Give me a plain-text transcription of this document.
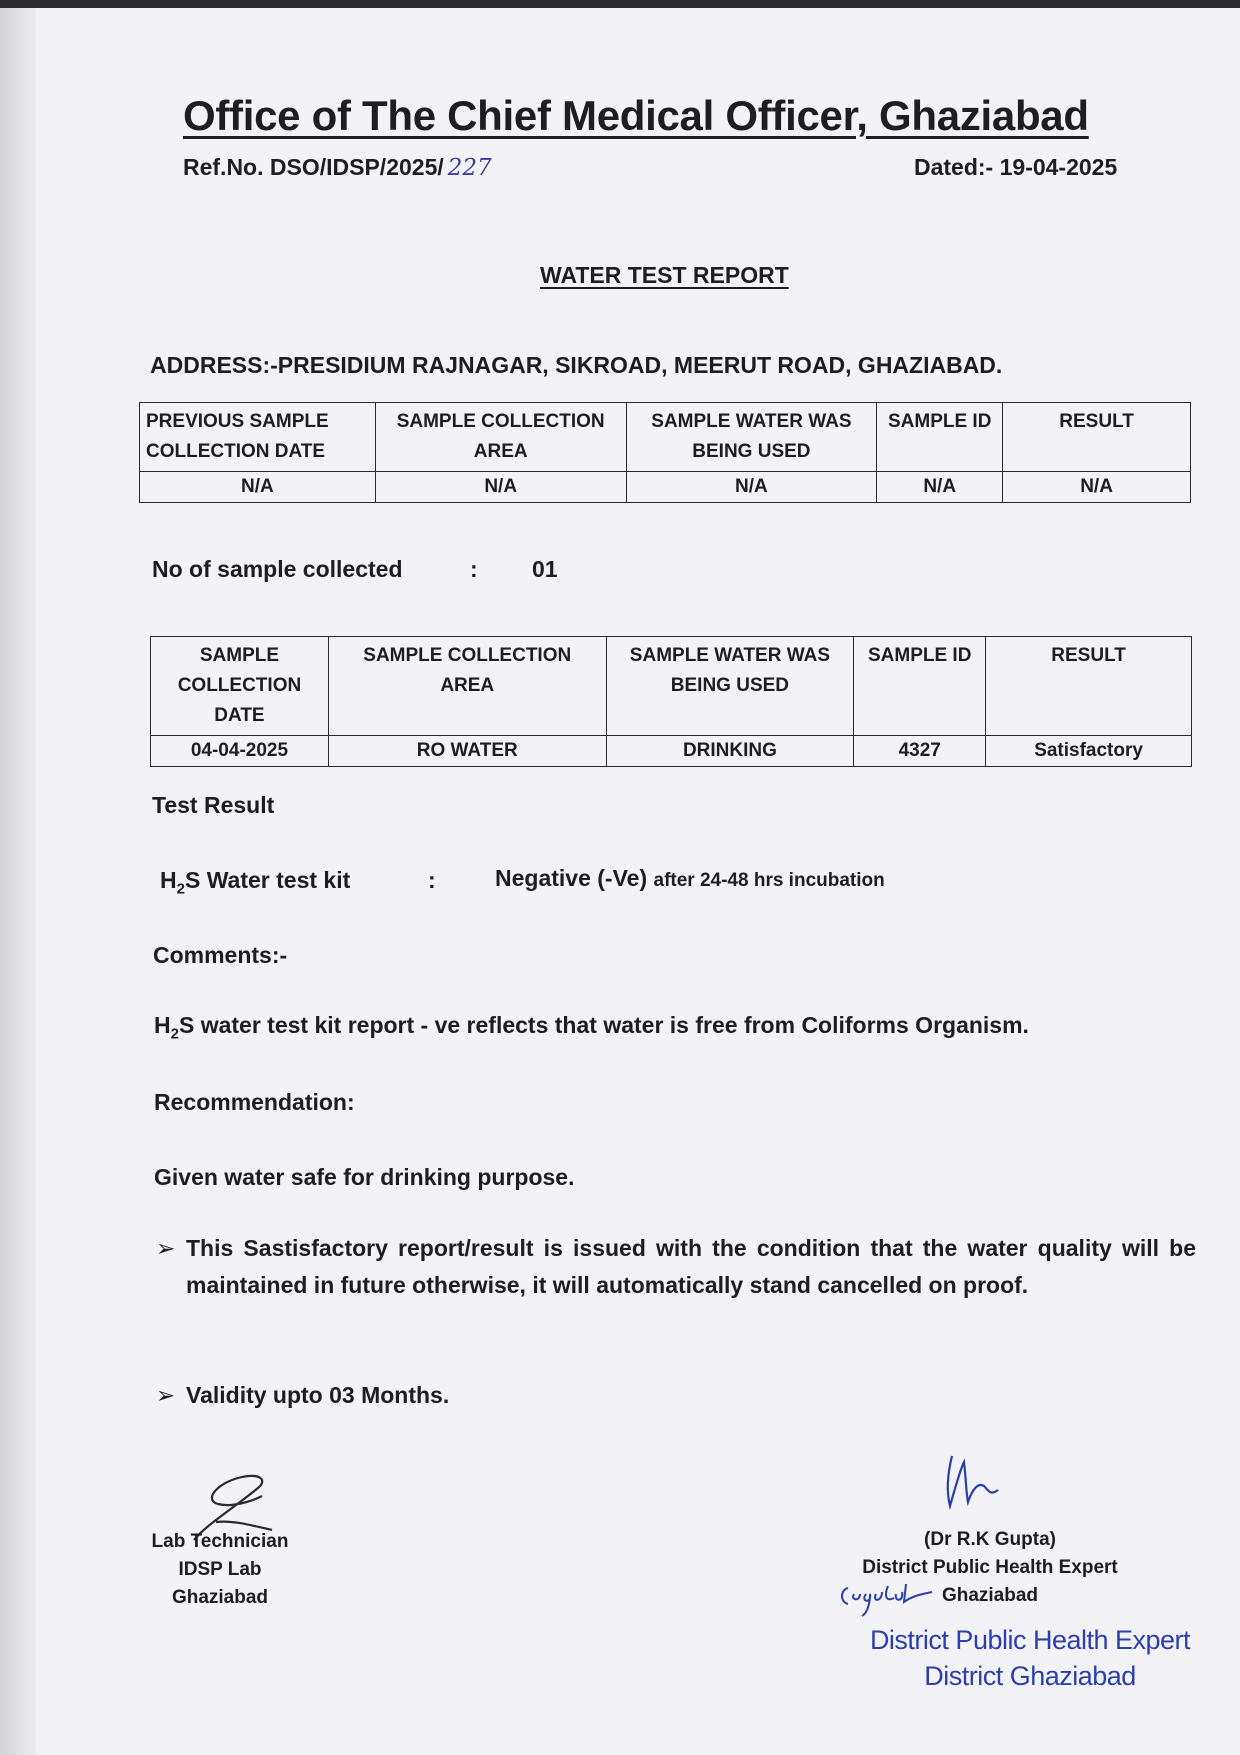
Office of The Chief Medical Officer, Ghaziabad
Ref.No. DSO/IDSP/2025/ 227	Dated:- 19-04-2025
WATER TEST REPORT
ADDRESS:-PRESIDIUM RAJNAGAR, SIKROAD, MEERUT ROAD, GHAZIABAD.
PREVIOUS SAMPLE COLLECTION DATE	SAMPLE COLLECTION AREA	SAMPLE WATER WAS BEING USED	SAMPLE ID	RESULT
N/A	N/A	N/A	N/A	N/A
No of sample collected	: 01
SAMPLE COLLECTION DATE	SAMPLE COLLECTION AREA	SAMPLE WATER WAS BEING USED	SAMPLE ID	RESULT
04-04-2025	RO WATER	DRINKING	4327	Satisfactory
Test Result
$H_2S$ Water test kit	:	Negative (-Ve) after 24-48 hrs incubation
Comments:-
$H_2S$ water test kit report - ve reflects that water is free from Coliforms Organism.
Recommendation:
Given water safe for drinking purpose.
➢ This Sastisfactory report/result is issued with the condition that the water quality will be maintained in future otherwise, it will automatically stand cancelled on proof.
➢ Validity upto 03 Months.
Lab Technician
IDSP Lab
Ghaziabad
(Dr R.K Gupta)
District Public Health Expert
Ghaziabad
District Public Health Expert
District Ghaziabad
